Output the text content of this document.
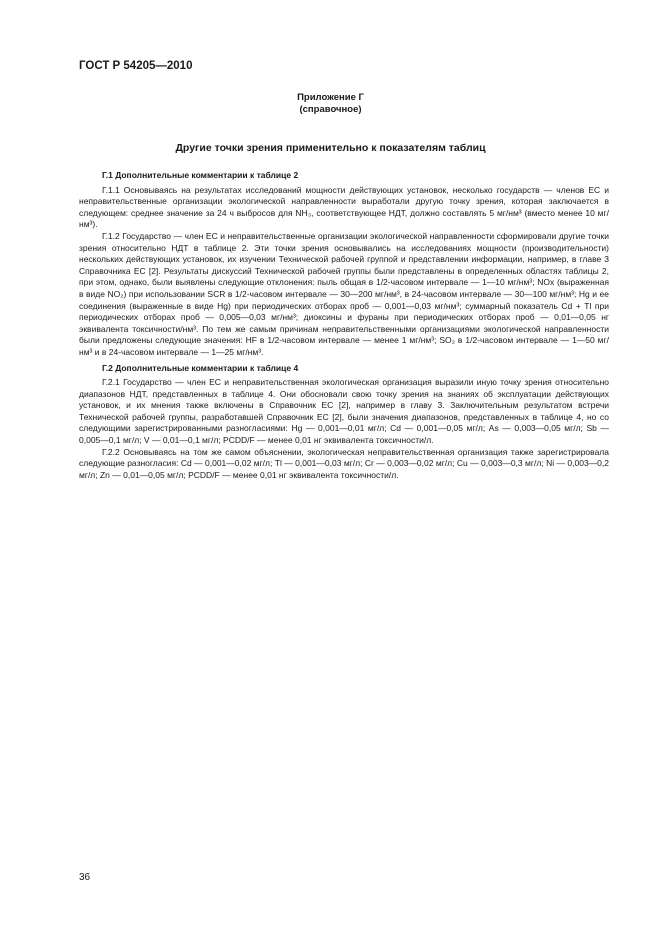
ГОСТ Р 54205—2010
Приложение Г
(справочное)
Другие точки зрения применительно к показателям таблиц

Г.1 Дополнительные комментарии к таблице 2

Г.1.1 Основываясь на результатах исследований мощности действующих установок, несколько государств — членов ЕС и неправительственные организации экологической направленности выработали другую точку зрения, которая заключается в следующем: среднее значение за 24 ч выбросов для NH₃, соответствующее НДТ, должно составлять 5 мг/нм³ (вместо менее 10 мг/нм³).

Г.1.2 Государство — член ЕС и неправительственные организации экологической направленности сформировали другие точки зрения относительно НДТ в таблице 2. Эти точки зрения основывались на исследованиях мощности (производительности) нескольких действующих установок, их изучении Технической рабочей группой и представлении информации, например, в главе 3 Справочника ЕС [2]. Результаты дискуссий Технической рабочей группы были представлены в определенных областях таблицы 2, при этом, однако, были выявлены следующие отклонения: пыль общая в 1/2-часовом интервале — 1—10 мг/нм³; NOx (выраженная в виде NO₂) при использовании SCR в 1/2-часовом интервале — 30—200 мг/нм³, в 24-часовом интервале — 30—100 мг/нм³; Hg и ее соединения (выраженные в виде Hg) при периодических отборах проб — 0,001—0,03 мг/нм³; суммарный показатель Cd + Tl при периодических отборах проб — 0,005—0,03 мг/нм³; диоксины и фураны при периодических отборах проб — 0,01—0,05 нг эквивалента токсичности/нм³. По тем же самым причинам неправительственными организациями экологической направленности были предложены следующие значения: HF в 1/2-часовом интервале — менее 1 мг/нм³; SO₂ в 1/2-часовом интервале — 1—50 мг/нм³ и в 24-часовом интервале — 1—25 мг/нм³.

Г.2 Дополнительные комментарии к таблице 4

Г.2.1 Государство — член ЕС и неправительственная экологическая организация выразили иную точку зрения относительно диапазонов НДТ, представленных в таблице 4. Они обосновали свою точку зрения на знаниях об эксплуатации действующих установок, и их мнения также включены в Справочник ЕС [2], например в главу 3. Заключительным результатом встречи Технической рабочей группы, разработавшей Справочник ЕС [2], были значения диапазонов, представленных в таблице 4, но со следующими зарегистрированными разногласиями: Hg — 0,001—0,01 мг/л; Cd — 0,001—0,05 мг/л; As — 0,003—0,05 мг/л; Sb — 0,005—0,1 мг/л; V — 0,01—0,1 мг/л; PCDD/F — менее 0,01 нг эквивалента токсичности/л.

Г.2.2 Основываясь на том же самом объяснении, экологическая неправительственная организация также зарегистрировала следующие разногласия: Cd — 0,001—0,02 мг/л; Tl — 0,001—0,03 мг/л; Cr — 0,003—0,02 мг/л; Cu — 0,003—0,3 мг/л; Ni — 0,003—0,2 мг/л; Zn — 0,01—0,05 мг/л; PCDD/F — менее 0,01 нг эквивалента токсичности/л.

36
